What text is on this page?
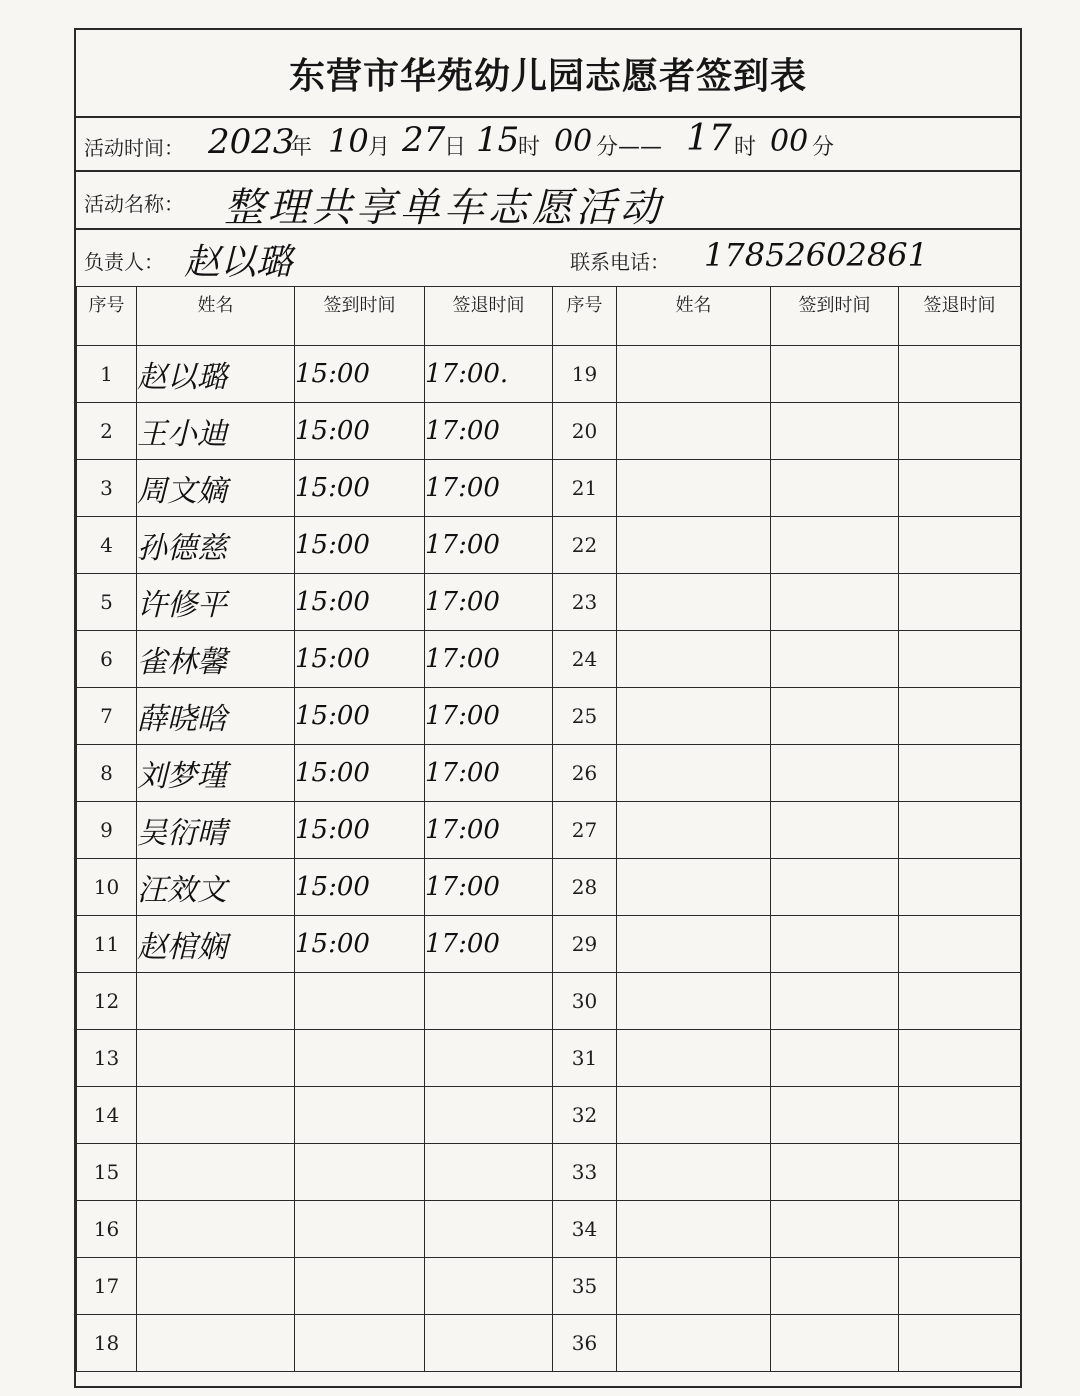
东营市华苑幼儿园志愿者签到表
活动时间： 2023
年 10 月 27
日 15
时 00 分—— 17 时 00 分
活动名称： 整理共享单车志愿活动
负责人： 赵以璐	联系电话： 17852602861
序号	姓名	签到时间	签退时间	序号	姓名	签到时间	签退时间
1	赵以璐	15:00	17:00.	19			
2	王小迪	15:00	17:00	20			
3	周文嫡	15:00	17:00	21			
4	孙德慈	15:00	17:00	22			
5	许修平	15:00	17:00	23			
6	雀林馨	15:00	17:00	24			
7	薛晓晗	15:00	17:00	25			
8	刘梦瑾	15:00	17:00	26			
9	吴衍晴	15:00	17:00	27			
10	汪效文	15:00	17:00	28			
11	赵棺娴	15:00	17:00	29			
12				30			
13				31			
14				32			
15				33			
16				34			
17				35			
18				36			
